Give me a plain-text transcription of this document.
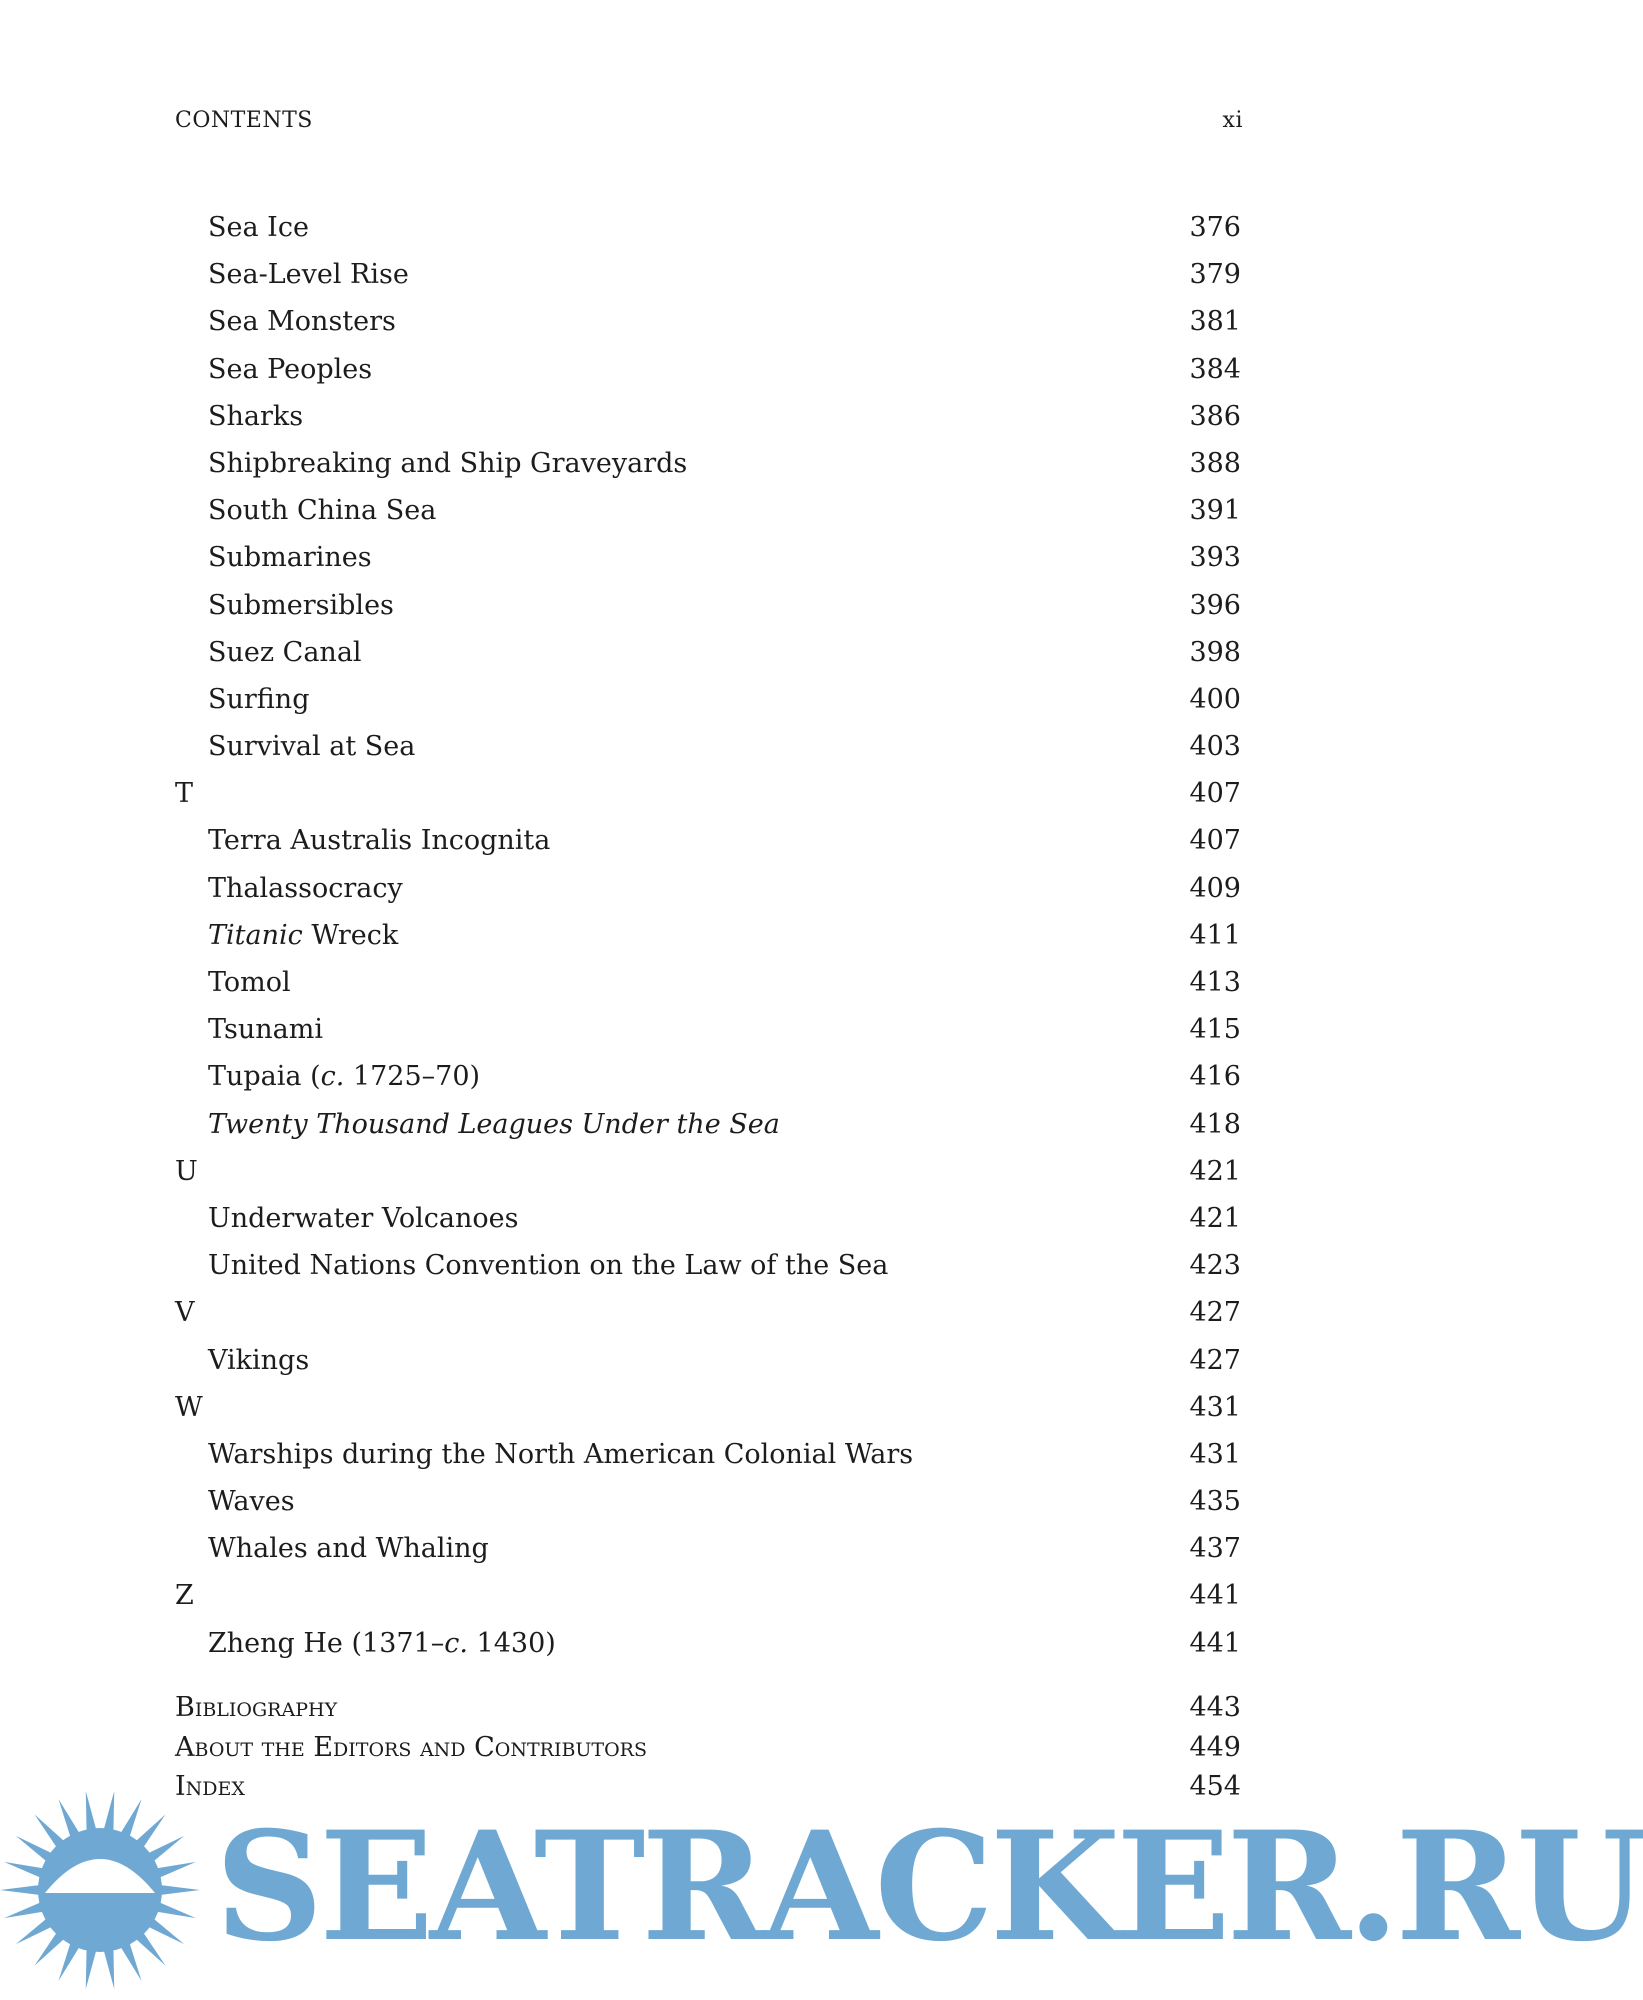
CONTENTS	xi
Sea Ice	376
Sea-Level Rise	379
Sea Monsters	381
Sea Peoples	384
Sharks	386
Shipbreaking and Ship Graveyards	388
South China Sea	391
Submarines	393
Submersibles	396
Suez Canal	398
Surfing	400
Survival at Sea	403
T	407
Terra Australis Incognita	407
Thalassocracy	409
Titanic Wreck	411
Tomol	413
Tsunami	415
Tupaia (c. 1725–70)	416
Twenty Thousand Leagues Under the Sea	418
U	421
Underwater Volcanoes	421
United Nations Convention on the Law of the Sea	423
V	427
Vikings	427
W	431
Warships during the North American Colonial Wars	431
Waves	435
Whales and Whaling	437
Z	441
Zheng He (1371–c. 1430)	441
Bibliography	443
About the Editors and Contributors	449
Index	454
SEATRACKER.RU
